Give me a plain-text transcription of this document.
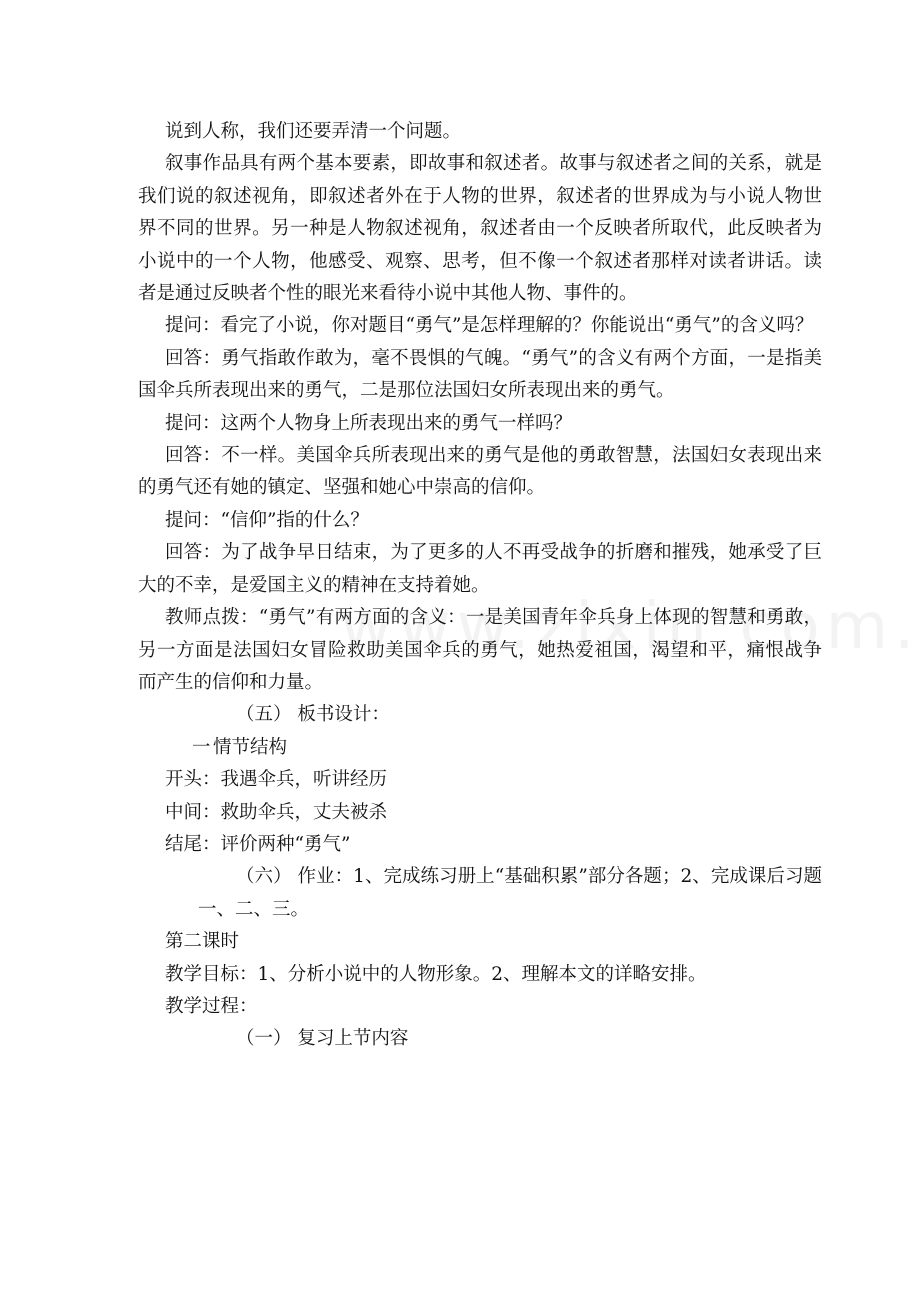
说到人称，我们还要弄清一个问题。

叙事作品具有两个基本要素，即故事和叙述者。故事与叙述者之间的关系，就是我们说的叙述视角，即叙述者外在于人物的世界，叙述者的世界成为与小说人物世界不同的世界。另一种是人物叙述视角，叙述者由一个反映者所取代，此反映者为小说中的一个人物，他感受、观察、思考，但不像一个叙述者那样对读者讲话。读者是通过反映者个性的眼光来看待小说中其他人物、事件的。

提问：看完了小说，你对题目“勇气”是怎样理解的？你能说出“勇气”的含义吗？

回答：勇气指敢作敢为，毫不畏惧的气魄。“勇气”的含义有两个方面，一是指美国伞兵所表现出来的勇气，二是那位法国妇女所表现出来的勇气。

提问：这两个人物身上所表现出来的勇气一样吗？

回答：不一样。美国伞兵所表现出来的勇气是他的勇敢智慧，法国妇女表现出来的勇气还有她的镇定、坚强和她心中崇高的信仰。

提问：“信仰”指的什么？

回答：为了战争早日结束，为了更多的人不再受战争的折磨和摧残，她承受了巨大的不幸，是爱国主义的精神在支持着她。

教师点拨：“勇气”有两方面的含义：一是美国青年伞兵身上体现的智慧和勇敢，另一方面是法国妇女冒险救助美国伞兵的勇气，她热爱祖国，渴望和平，痛恨战争而产生的信仰和力量。

（五） 板书设计：

一 情节结构

开头：我遇伞兵，听讲经历

中间：救助伞兵，丈夫被杀

结尾：评价两种“勇气”

（六） 作业：1、完成练习册上“基础积累”部分各题；2、完成课后习题一、二、三。

第二课时

教学目标：1、分析小说中的人物形象。2、理解本文的详略安排。

教学过程：

（一） 复习上节内容
